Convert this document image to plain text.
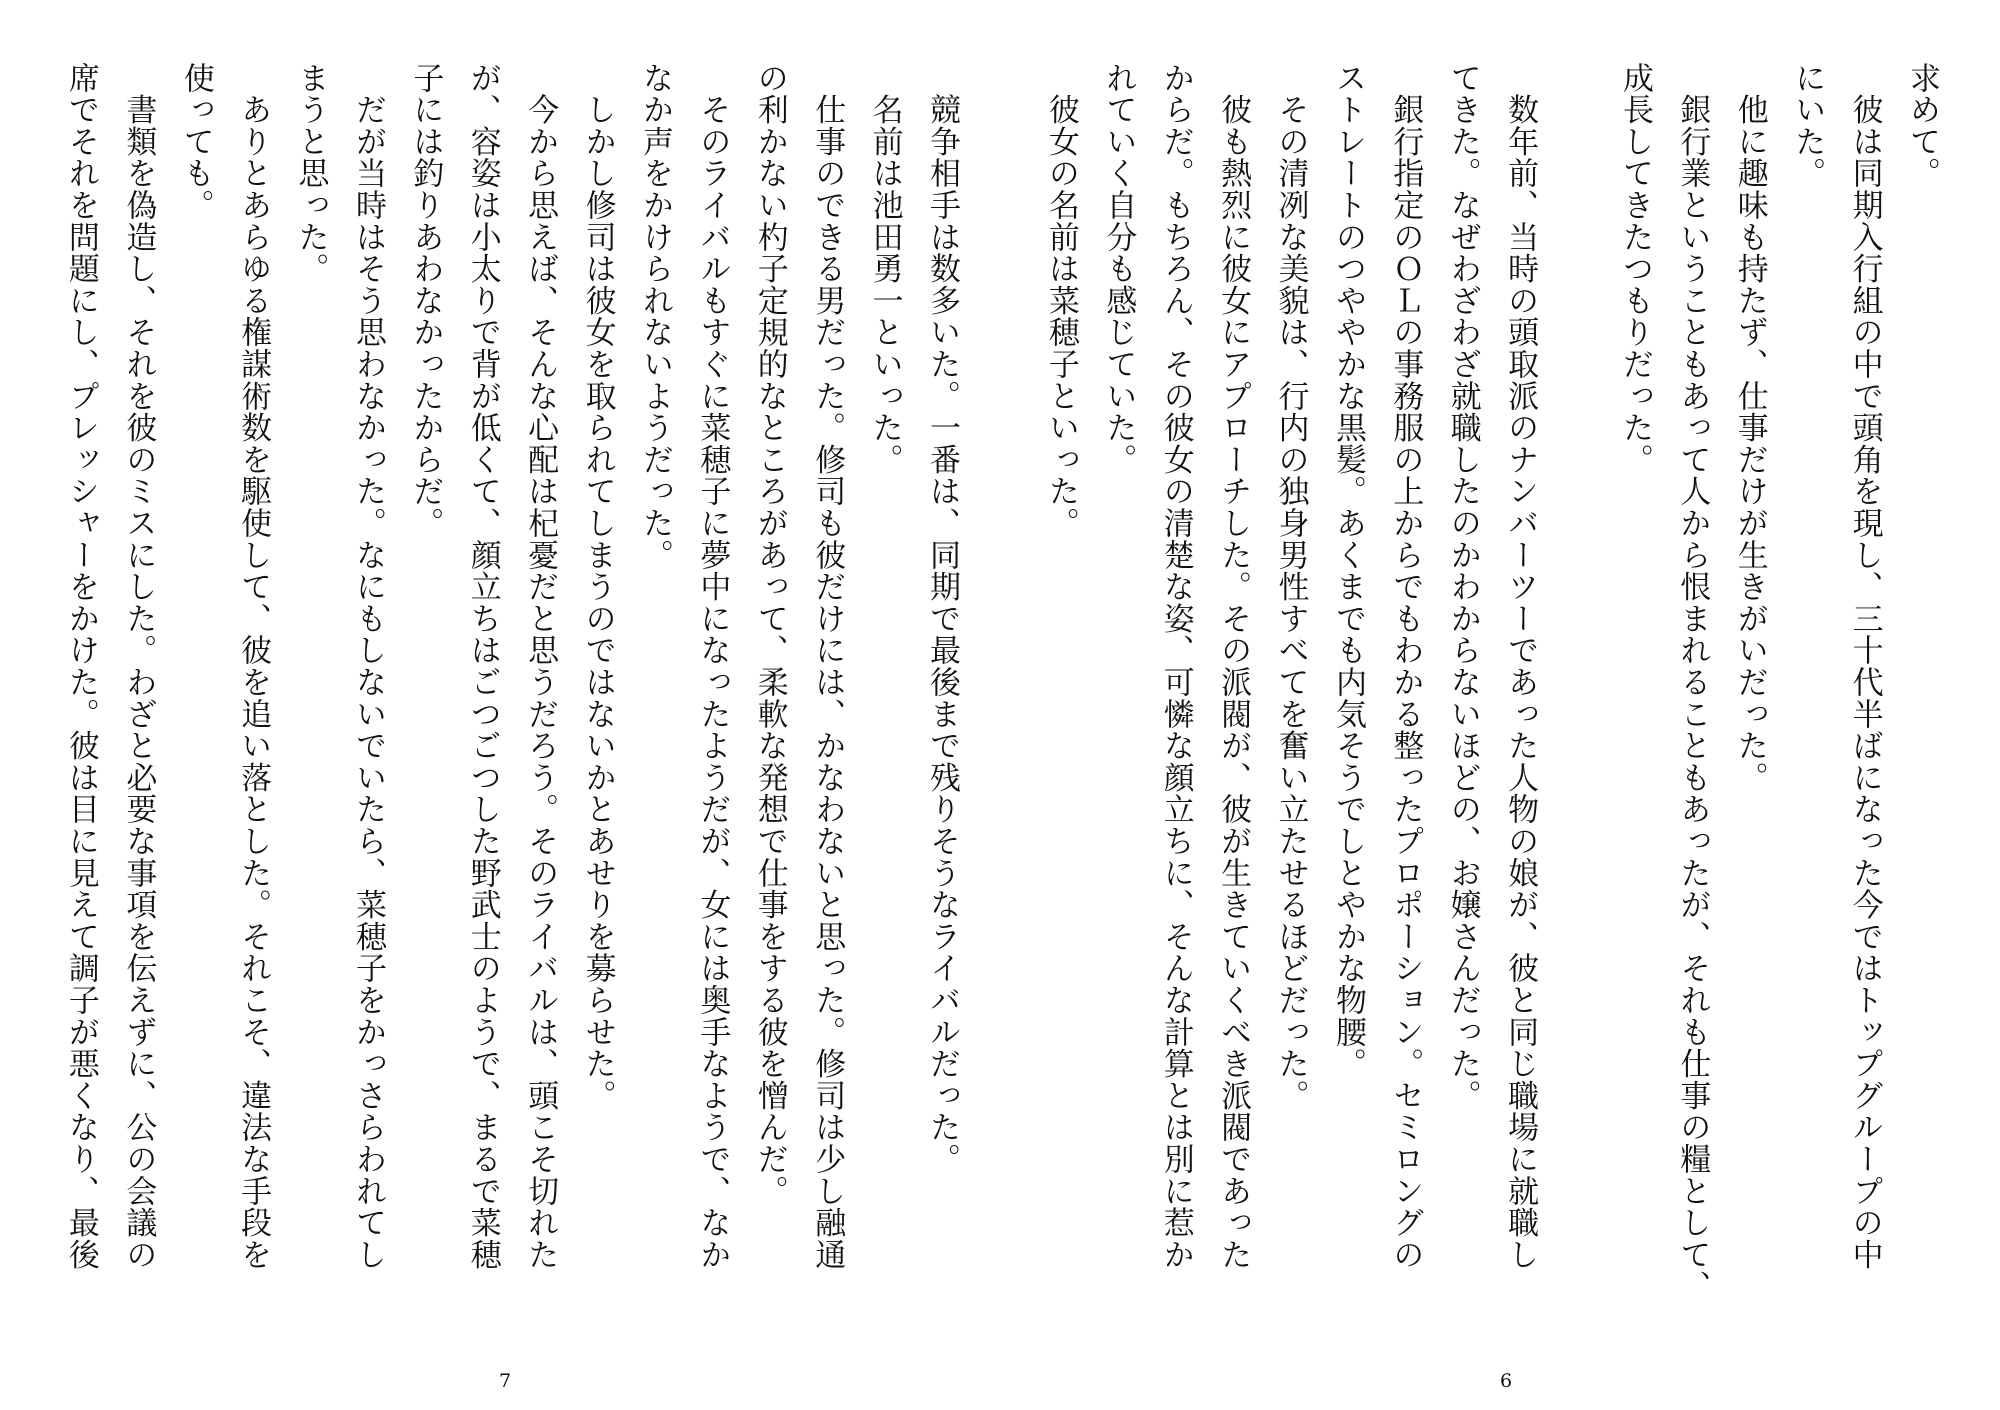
求めて。

　彼は同期入行組の中で頭角を現し、三十代半ばになった今ではトップグループの中

にいた。

　他に趣味も持たず、仕事だけが生きがいだった。

　銀行業ということもあって人から恨まれることもあったが、それも仕事の糧として、

成長してきたつもりだった。

　数年前、当時の頭取派のナンバーツーであった人物の娘が、彼と同じ職場に就職し

てきた。なぜわざわざ就職したのかわからないほどの、お嬢さんだった。

　銀行指定のＯＬの事務服の上からでもわかる整ったプロポーション。セミロングの

ストレートのつややかな黒髪。あくまでも内気そうでしとやかな物腰。

　その清冽な美貌は、行内の独身男性すべてを奮い立たせるほどだった。

　彼も熱烈に彼女にアプローチした。その派閥が、彼が生きていくべき派閥であった

からだ。もちろん、その彼女の清楚な姿、可憐な顔立ちに、そんな計算とは別に惹か

れていく自分も感じていた。

　彼女の名前は菜穂子といった。

6

　競争相手は数多いた。一番は、同期で最後まで残りそうなライバルだった。

　名前は池田勇一といった。

　仕事のできる男だった。修司も彼だけには、かなわないと思った。修司は少し融通

の利かない杓子定規的なところがあって、柔軟な発想で仕事をする彼を憎んだ。

　そのライバルもすぐに菜穂子に夢中になったようだが、女には奥手なようで、なか

なか声をかけられないようだった。

　しかし修司は彼女を取られてしまうのではないかとあせりを募らせた。

　今から思えば、そんな心配は杞憂だと思うだろう。そのライバルは、頭こそ切れた

が、容姿は小太りで背が低くて、顔立ちはごつごつした野武士のようで、まるで菜穂

子には釣りあわなかったからだ。

　だが当時はそう思わなかった。なにもしないでいたら、菜穂子をかっさらわれてし

まうと思った。

　ありとあらゆる権謀術数を駆使して、彼を追い落とした。それこそ、違法な手段を

使っても。

　書類を偽造し、それを彼のミスにした。わざと必要な事項を伝えずに、公の会議の

席でそれを問題にし、プレッシャーをかけた。彼は目に見えて調子が悪くなり、最後

7
